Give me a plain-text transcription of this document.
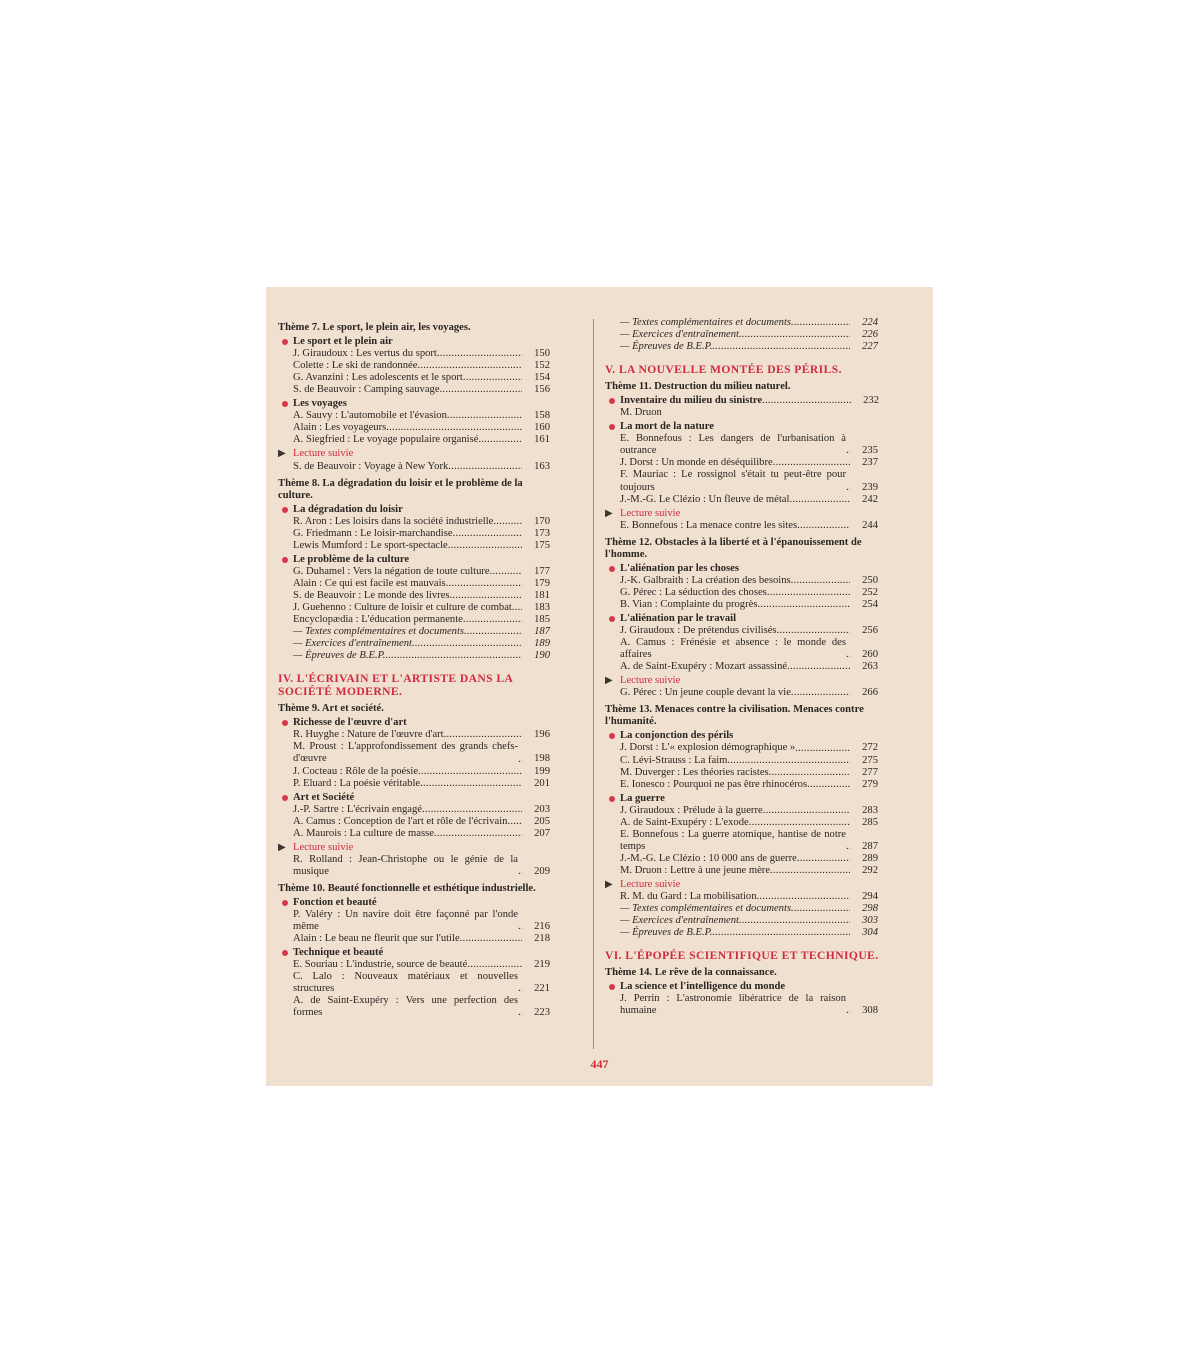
Thème 7. Le sport, le plein air, les voyages.
Le sport et le plein air
J. Giraudoux : Les vertus du sport . . .	150
Colette : Le ski de randonnée . . .	152
G. Avanzini : Les adolescents et le sport . . .	154
S. de Beauvoir : Camping sauvage . . .	156
Les voyages
A. Sauvy : L'automobile et l'évasion . . .	158
Alain : Les voyageurs . . .	160
A. Siegfried : Le voyage populaire organisé . . .	161
▶ Lecture suivie
S. de Beauvoir : Voyage à New York . . .	163
Thème 8. La dégradation du loisir et le problème de la culture.
La dégradation du loisir
R. Aron : Les loisirs dans la société industrielle . . .	170
G. Friedmann : Le loisir-marchandise . . .	173
Lewis Mumford : Le sport-spectacle . . .	175
Le problème de la culture
G. Duhamel : Vers la négation de toute culture . . .	177
Alain : Ce qui est facile est mauvais . . .	179
S. de Beauvoir : Le monde des livres . . .	181
J. Guehenno : Culture de loisir et culture de combat . . .	183
Encyclopædia : L'éducation permanente . . .	185
— Textes complémentaires et documents . . .	187
— Exercices d'entraînement . . .	189
— Épreuves de B.E.P. . . .	190
IV. L'ÉCRIVAIN ET L'ARTISTE DANS LA SOCIÉTÉ MODERNE.
Thème 9. Art et société.
Richesse de l'œuvre d'art
R. Huyghe : Nature de l'œuvre d'art . . .	196
M. Proust : L'approfondissement des grands chefs-d'œuvre . . .	198
J. Cocteau : Rôle de la poésie . . .	199
P. Eluard : La poésie véritable . . .	201
Art et Société
J.-P. Sartre : L'écrivain engagé . . .	203
A. Camus : Conception de l'art et rôle de l'écrivain . . .	205
A. Maurois : La culture de masse . . .	207
▶ Lecture suivie
R. Rolland : Jean-Christophe ou le génie de la musique . . .	209
Thème 10. Beauté fonctionnelle et esthétique industrielle.
Fonction et beauté
P. Valéry : Un navire doit être façonné par l'onde même . . .	216
Alain : Le beau ne fleurit que sur l'utile . . .	218
Technique et beauté
E. Souriau : L'industrie, source de beauté . . .	219
C. Lalo : Nouveaux matériaux et nouvelles structures . . .	221
A. de Saint-Exupéry : Vers une perfection des formes . . .	223
— Textes complémentaires et documents . . .	224
— Exercices d'entraînement . . .	226
— Épreuves de B.E.P. . . .	227
V. LA NOUVELLE MONTÉE DES PÉRILS.
Thème 11. Destruction du milieu naturel.
Inventaire du milieu du sinistre . . .	232
M. Druon
La mort de la nature
E. Bonnefous : Les dangers de l'urbanisation à outrance . . .	235
J. Dorst : Un monde en déséquilibre . . .	237
F. Mauriac : Le rossignol s'était tu peut-être pour toujours . . .	239
J.-M.-G. Le Clézio : Un fleuve de métal . . .	242
▶ Lecture suivie
E. Bonnefous : La menace contre les sites . . .	244
Thème 12. Obstacles à la liberté et à l'épanouissement de l'homme.
L'aliénation par les choses
J.-K. Galbraith : La création des besoins . . .	250
G. Pérec : La séduction des choses . . .	252
B. Vian : Complainte du progrès . . .	254
L'aliénation par le travail
J. Giraudoux : De prétendus civilisés . . .	256
A. Camus : Frénésie et absence : le monde des affaires . . .	260
A. de Saint-Exupéry : Mozart assassiné . . .	263
▶ Lecture suivie
G. Pérec : Un jeune couple devant la vie . . .	266
Thème 13. Menaces contre la civilisation. Menaces contre l'humanité.
La conjonction des périls
J. Dorst : L'« explosion démographique » . . .	272
C. Lévi-Strauss : La faim . . .	275
M. Duverger : Les théories racistes . . .	277
E. Ionesco : Pourquoi ne pas être rhinocéros . . .	279
La guerre
J. Giraudoux : Prélude à la guerre . . .	283
A. de Saint-Exupéry : L'exode . . .	285
E. Bonnefous : La guerre atomique, hantise de notre temps . . .	287
J.-M.-G. Le Clézio : 10 000 ans de guerre . . .	289
M. Druon : Lettre à une jeune mère . . .	292
▶ Lecture suivie
R. M. du Gard : La mobilisation . . .	294
— Textes complémentaires et documents . . .	298
— Exercices d'entraînement . . .	303
— Épreuves de B.E.P. . . .	304
VI. L'ÉPOPÉE SCIENTIFIQUE ET TECHNIQUE.
Thème 14. Le rêve de la connaissance.
La science et l'intelligence du monde
J. Perrin : L'astronomie libératrice de la raison humaine . . .	308
447
